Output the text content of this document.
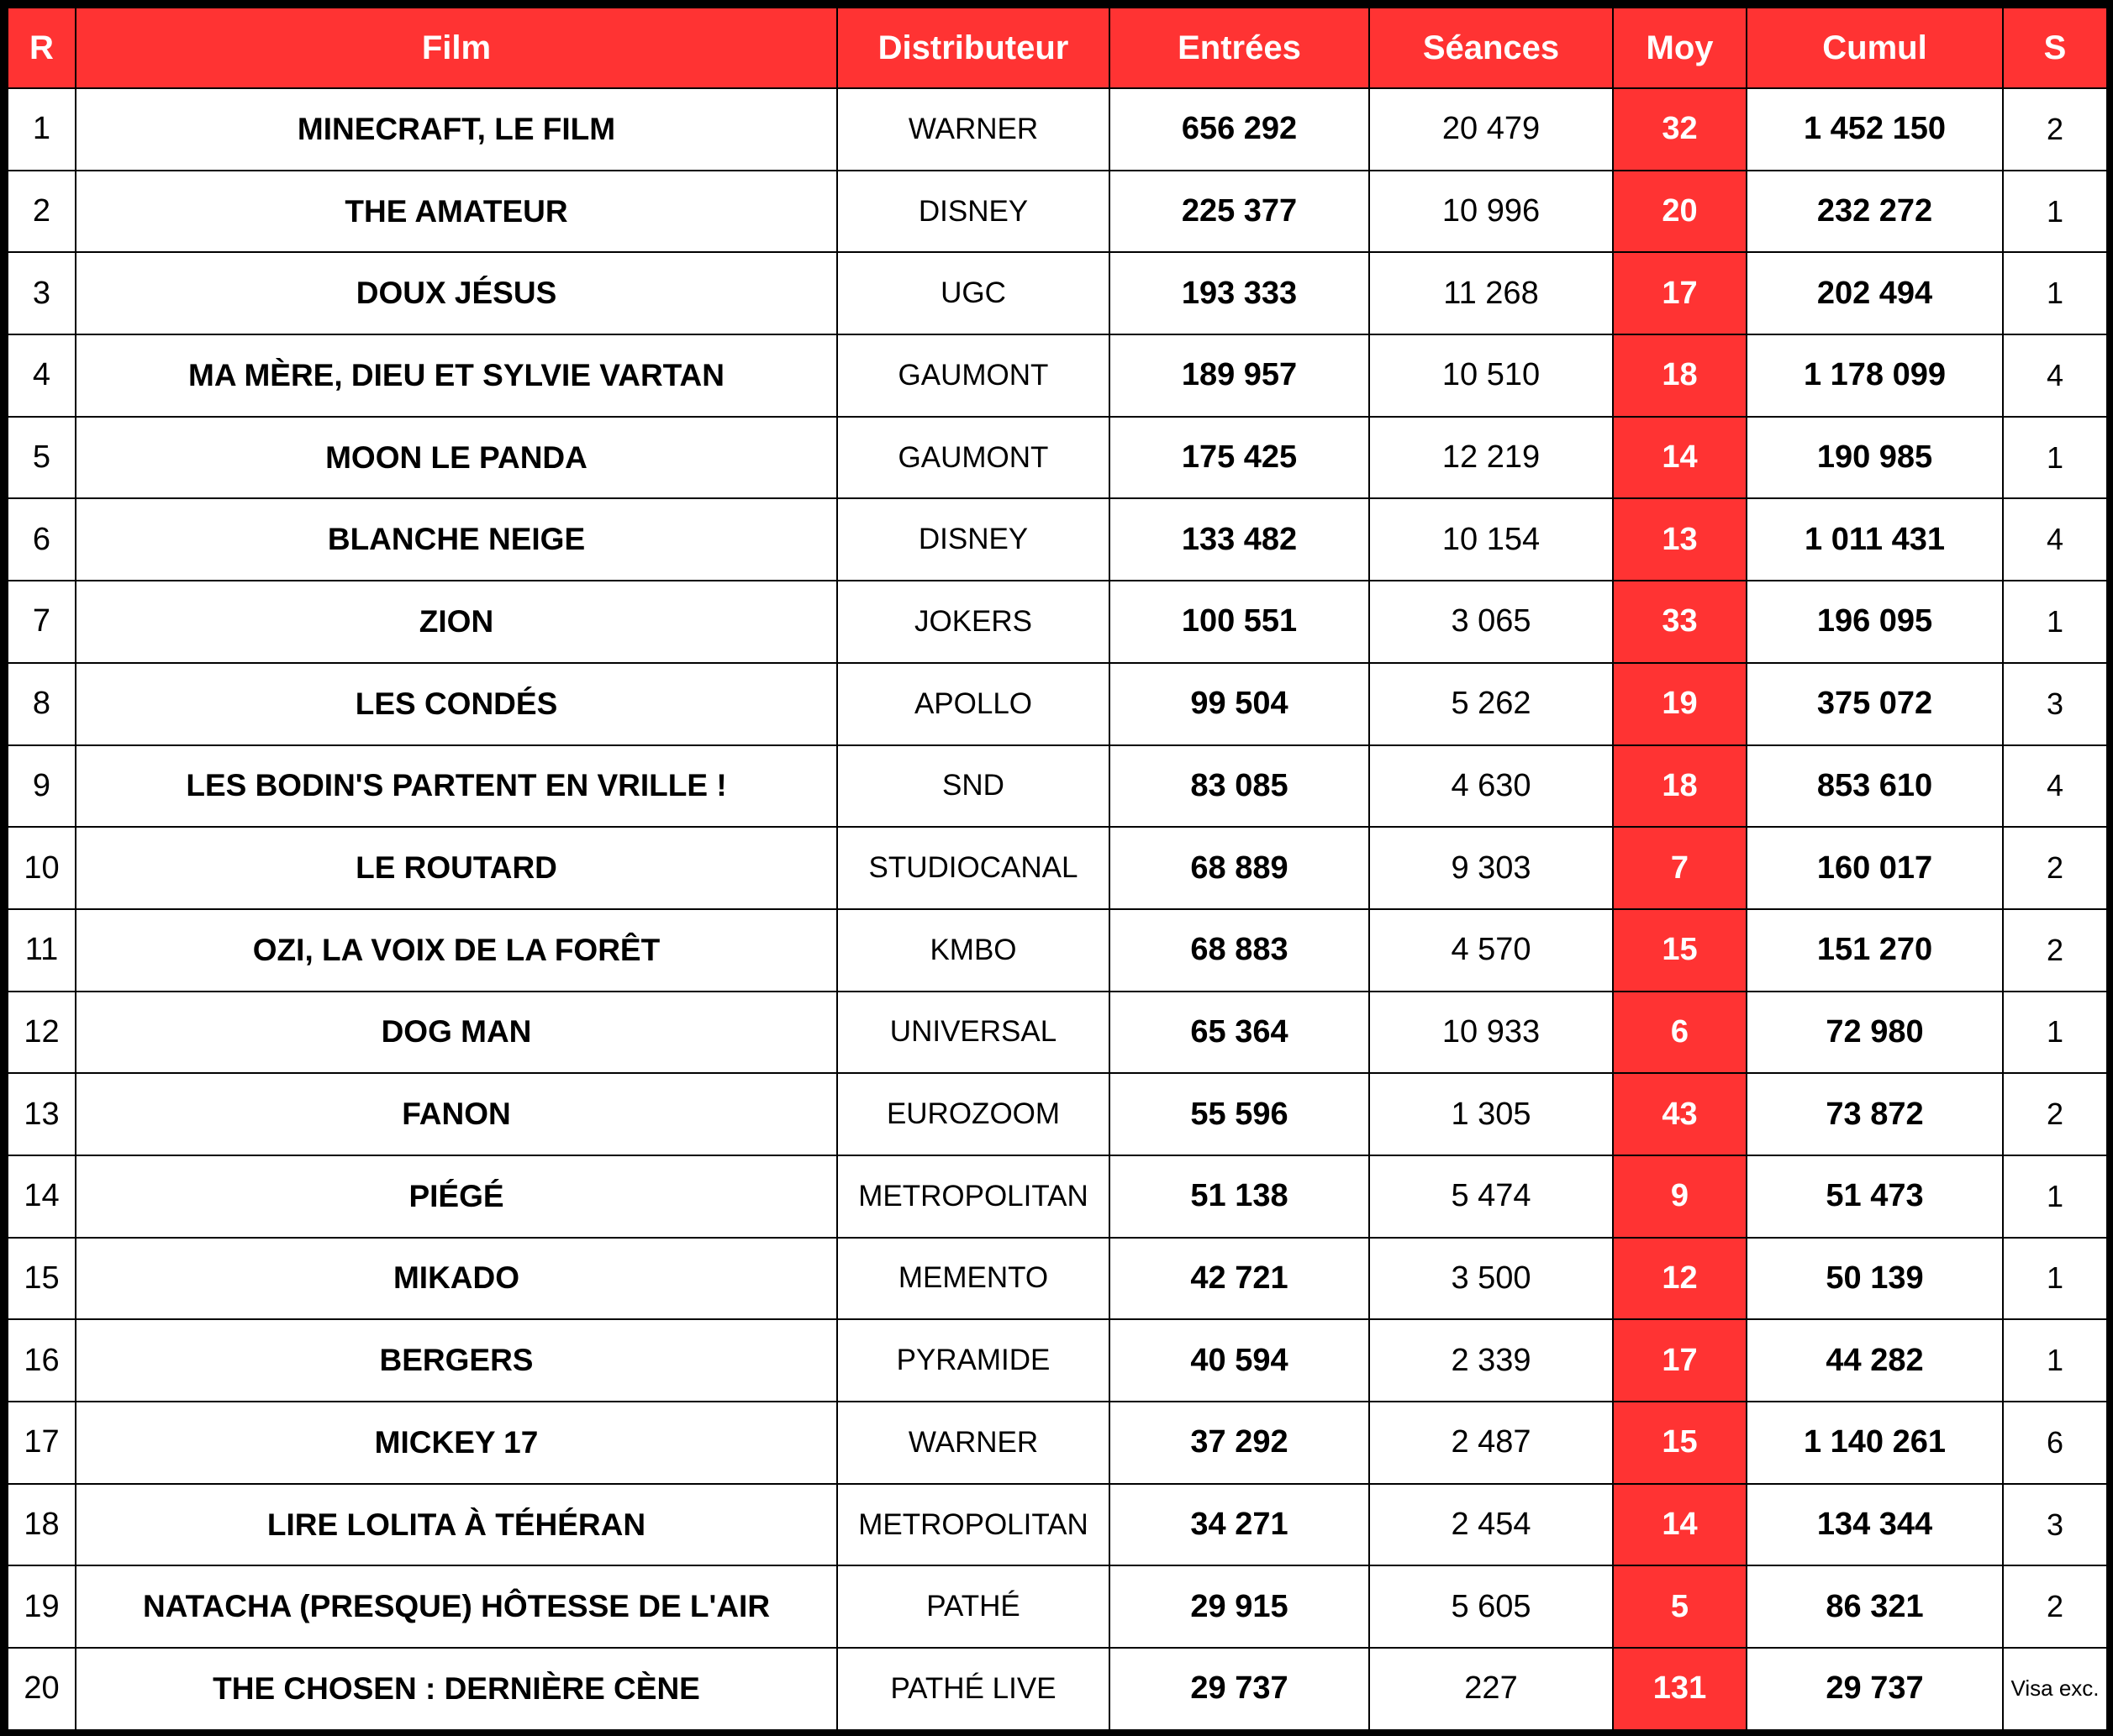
R	Film	Distributeur	Entrées	Séances	Moy	Cumul	S
1	MINECRAFT, LE FILM	WARNER	656 292	20 479	32	1 452 150	2
2	THE AMATEUR	DISNEY	225 377	10 996	20	232 272	1
3	DOUX JÉSUS	UGC	193 333	11 268	17	202 494	1
4	MA MÈRE, DIEU ET SYLVIE VARTAN	GAUMONT	189 957	10 510	18	1 178 099	4
5	MOON LE PANDA	GAUMONT	175 425	12 219	14	190 985	1
6	BLANCHE NEIGE	DISNEY	133 482	10 154	13	1 011 431	4
7	ZION	JOKERS	100 551	3 065	33	196 095	1
8	LES CONDÉS	APOLLO	99 504	5 262	19	375 072	3
9	LES BODIN'S PARTENT EN VRILLE !	SND	83 085	4 630	18	853 610	4
10	LE ROUTARD	STUDIOCANAL	68 889	9 303	7	160 017	2
11	OZI, LA VOIX DE LA FORÊT	KMBO	68 883	4 570	15	151 270	2
12	DOG MAN	UNIVERSAL	65 364	10 933	6	72 980	1
13	FANON	EUROZOOM	55 596	1 305	43	73 872	2
14	PIÉGÉ	METROPOLITAN	51 138	5 474	9	51 473	1
15	MIKADO	MEMENTO	42 721	3 500	12	50 139	1
16	BERGERS	PYRAMIDE	40 594	2 339	17	44 282	1
17	MICKEY 17	WARNER	37 292	2 487	15	1 140 261	6
18	LIRE LOLITA À TÉHÉRAN	METROPOLITAN	34 271	2 454	14	134 344	3
19	NATACHA (PRESQUE) HÔTESSE DE L'AIR	PATHÉ	29 915	5 605	5	86 321	2
20	THE CHOSEN : DERNIÈRE CÈNE	PATHÉ LIVE	29 737	227	131	29 737	Visa exc.
